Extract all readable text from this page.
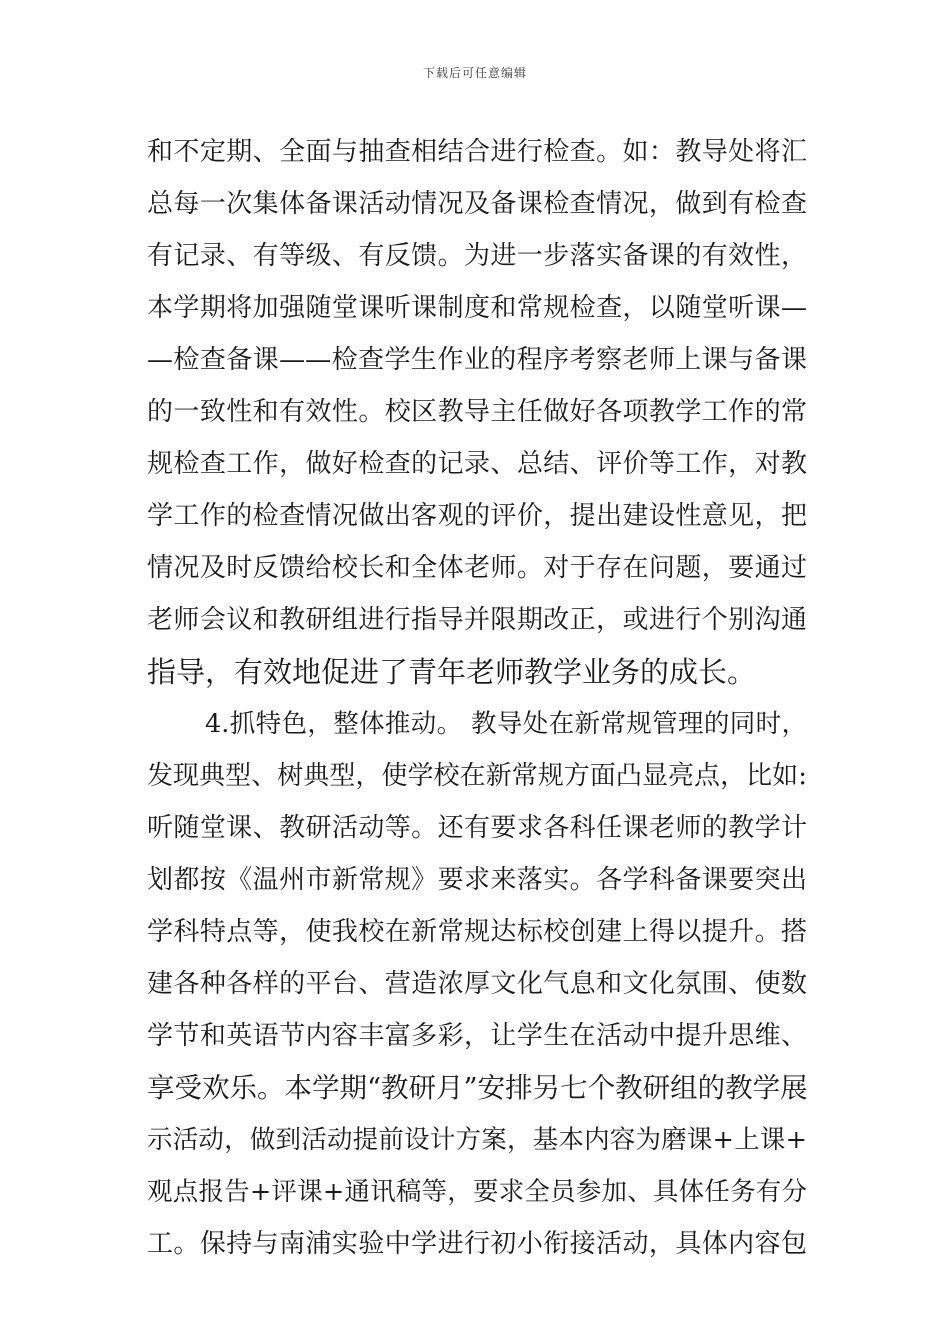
下载后可任意编辑
和不定期、全面与抽查相结合进行检查。如：教导处将汇
总每一次集体备课活动情况及备课检查情况，做到有检查
有记录、有等级、有反馈。为进一步落实备课的有效性，
本学期将加强随堂课听课制度和常规检查，以随堂听课—
—检查备课——检查学生作业的程序考察老师上课与备课
的一致性和有效性。校区教导主任做好各项教学工作的常
规检查工作，做好检查的记录、总结、评价等工作，对教
学工作的检查情况做出客观的评价，提出建设性意见，把
情况及时反馈给校长和全体老师。对于存在问题，要通过
老师会议和教研组进行指导并限期改正，或进行个别沟通
指导，有效地促进了青年老师教学业务的成长。
4.抓特色，整体推动。 教导处在新常规管理的同时，
发现典型、树典型，使学校在新常规方面凸显亮点，比如:
听随堂课、教研活动等。还有要求各科任课老师的教学计
划都按《温州市新常规》要求来落实。各学科备课要突出
学科特点等，使我校在新常规达标校创建上得以提升。搭
建各种各样的平台、营造浓厚文化气息和文化氛围、使数
学节和英语节内容丰富多彩，让学生在活动中提升思维、
享受欢乐。本学期“教研月”安排另七个教研组的教学展
示活动，做到活动提前设计方案，基本内容为磨课+上课+
观点报告+评课+通讯稿等，要求全员参加、具体任务有分
工。保持与南浦实验中学进行初小衔接活动，具体内容包
